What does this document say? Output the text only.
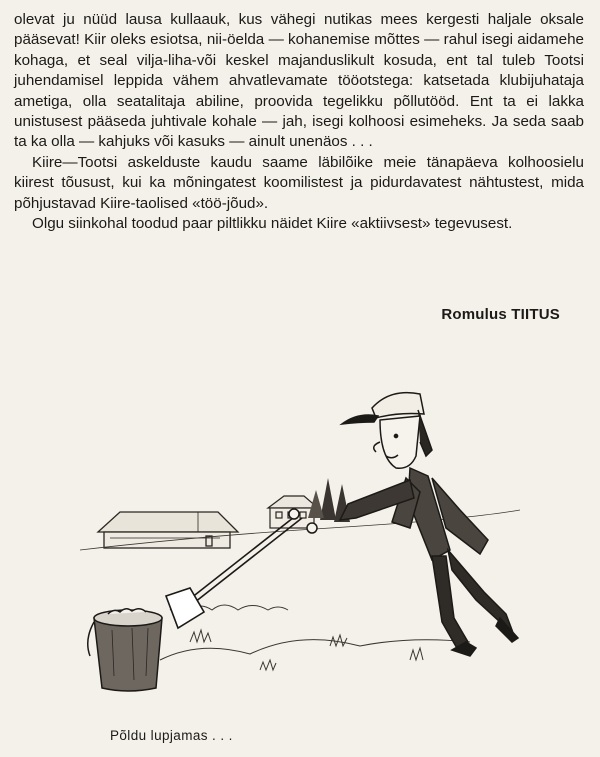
olevat ju nüüd lausa kullaauk, kus vähegi nutikas mees kergesti haljale oksale pääsevat! Kiir oleks esiotsa, nii-öelda — kohanemise mõttes — rahul isegi aidamehe kohaga, et seal vilja-liha-või keskel majanduslikult kosuda, ent tal tuleb Tootsi juhendamisel leppida vähem ahvatlevamate tööotstega: katsetada klubijuhataja ametiga, olla seatalitaja abiline, proovida tegelikku põllutööd. Ent ta ei lakka unistusest pääseda juhtivale kohale — jah, isegi kolhoosi esimeheks. Ja seda saab ta ka olla — kahjuks või kasuks — ainult unenäos . . .

Kiire—Tootsi askelduste kaudu saame läbilõike meie tänapäeva kolhoosielu kiirest tõusust, kui ka mõningatest koomilistest ja pidurdavatest nähtustest, mida põhjustavad Kiire-taolised «töö-jõud».

Olgu siinkohal toodud paar piltlikku näidet Kiire «aktiivsest» tegevusest.

Romulus TIITUS
Põldu lupjamas . . .
